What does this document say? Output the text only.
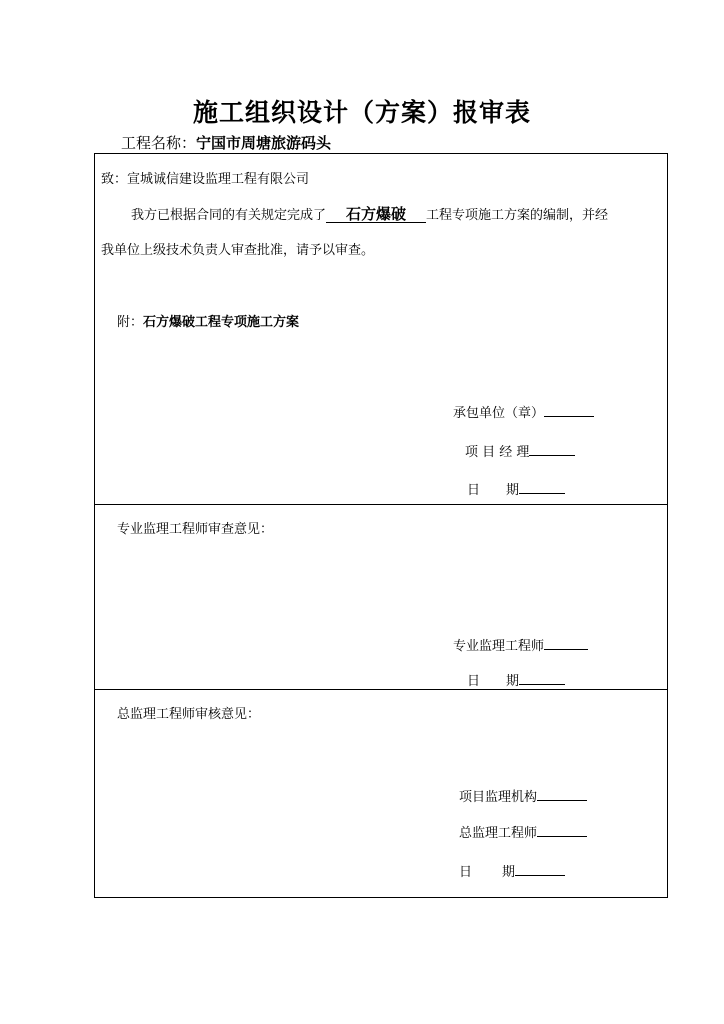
施工组织设计（方案）报审表
工程名称：宁国市周塘旅游码头
致：宣城诚信建设监理工程有限公司
我方已根据合同的有关规定完成了 石方爆破 工程专项施工方案的编制，并经
我单位上级技术负责人审查批准，请予以审查。
附：石方爆破工程专项施工方案
承包单位（章）
项 目 经 理
日 期
专业监理工程师审查意见：
专业监理工程师
日 期
总监理工程师审核意见：
项目监理机构
总监理工程师
日 期
